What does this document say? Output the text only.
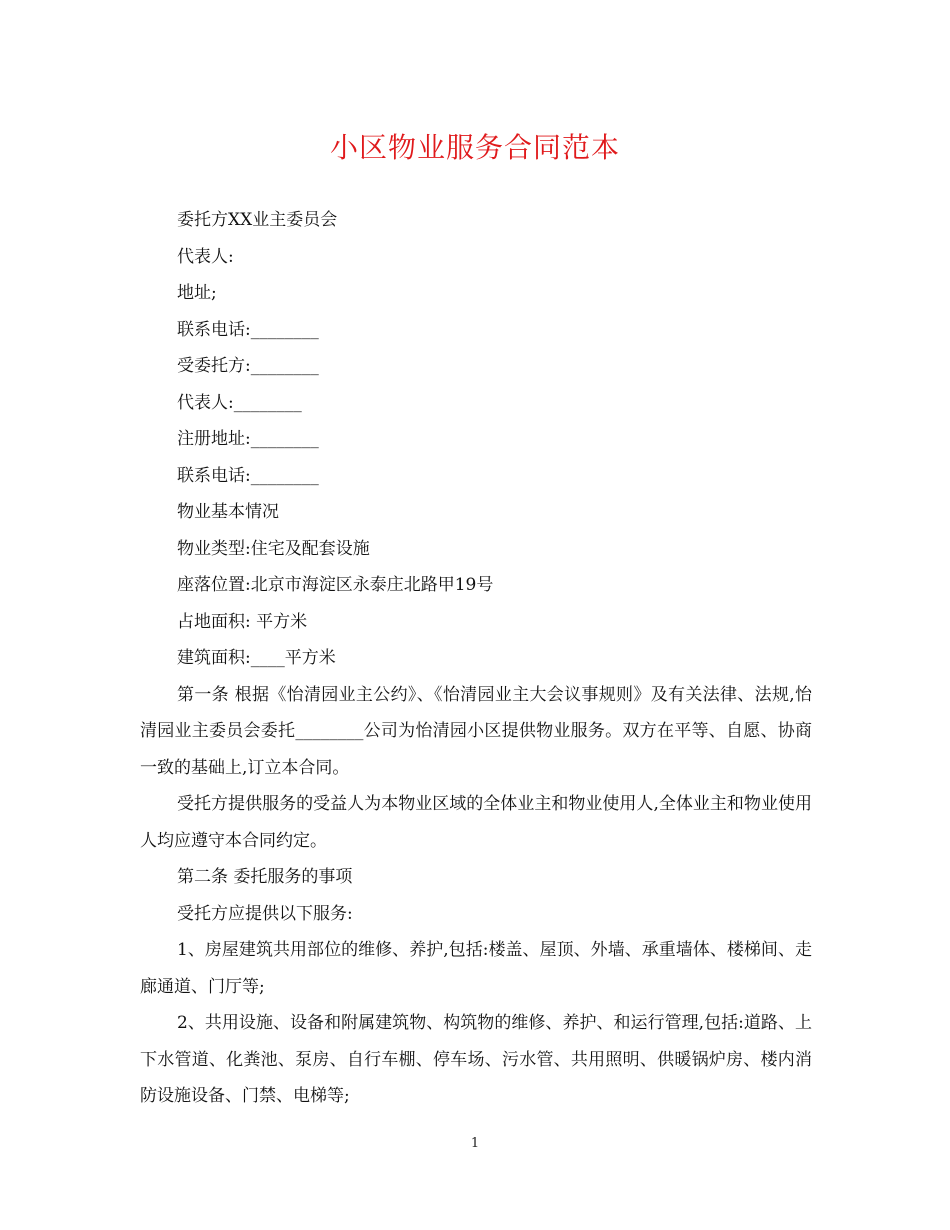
小区物业服务合同范本

委托方XX业主委员会

代表人:

地址;

联系电话:________

受委托方:________

代表人:________

注册地址:________

联系电话:________

物业基本情况

物业类型:住宅及配套设施

座落位置:北京市海淀区永泰庄北路甲19号

占地面积: 平方米

建筑面积:____平方米

第一条 根据《怡清园业主公约》、《怡清园业主大会议事规则》及有关法律、法规,怡清园业主委员会委托________公司为怡清园小区提供物业服务。双方在平等、自愿、协商一致的基础上,订立本合同。

受托方提供服务的受益人为本物业区域的全体业主和物业使用人,全体业主和物业使用人均应遵守本合同约定。

第二条 委托服务的事项

受托方应提供以下服务:

1、房屋建筑共用部位的维修、养护,包括:楼盖、屋顶、外墙、承重墙体、楼梯间、走廊通道、门厅等;

2、共用设施、设备和附属建筑物、构筑物的维修、养护、和运行管理,包括:道路、上下水管道、化粪池、泵房、自行车棚、停车场、污水管、共用照明、供暖锅炉房、楼内消防设施设备、门禁、电梯等;

1
